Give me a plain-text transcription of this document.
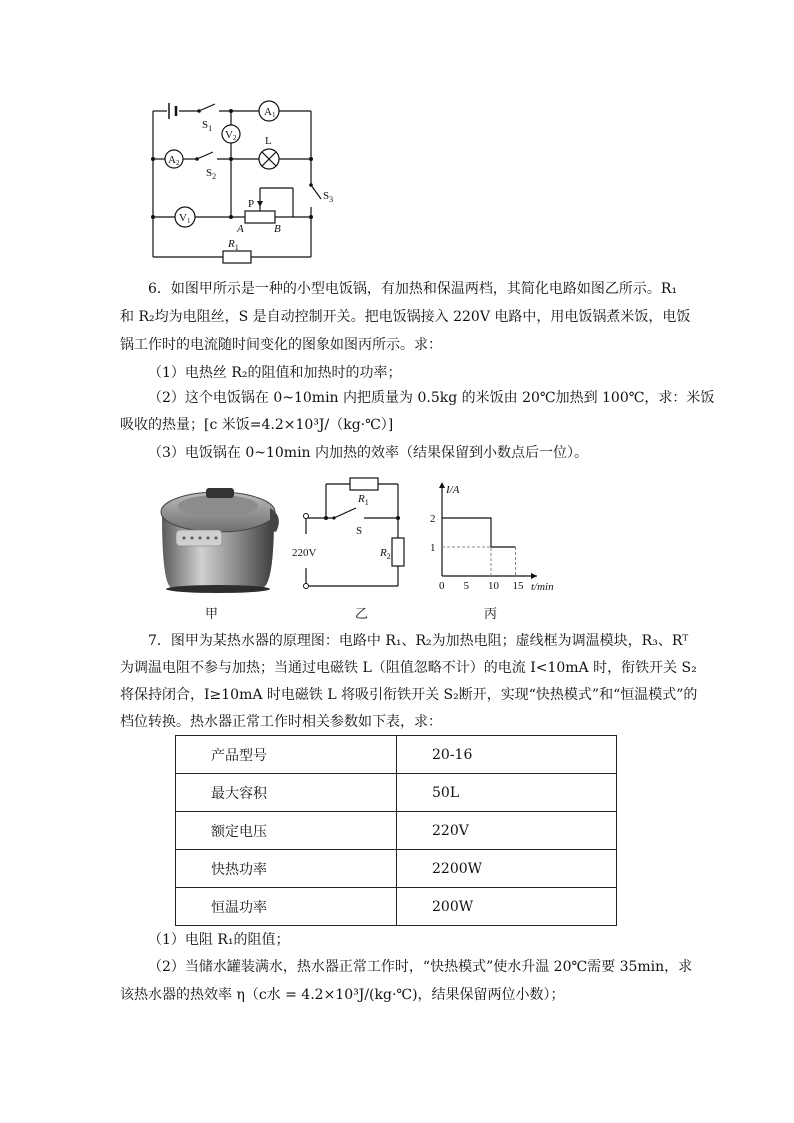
$S_1$
A1
V2	L
A2
$S_2$
$S_3$
V1
P
A	B
$R_1$
6．如图甲所示是一种的小型电饭锅，有加热和保温两档，其简化电路如图乙所示。R₁
和 R₂均为电阻丝，S 是自动控制开关。把电饭锅接入 220V 电路中，用电饭锅煮米饭，电饭
锅工作时的电流随时间变化的图象如图丙所示。求：
（1）电热丝 R₂的阻值和加热时的功率；
（2）这个电饭锅在 0~10min 内把质量为 0.5kg 的米饭由 20℃加热到 100℃，求：米饭
吸收的热量；[c 米饭=4.2×10³J/（kg·℃）]
（3）电饭锅在 0~10min 内加热的效率（结果保留到小数点后一位）。
$R_1$
S
$R_2$
220V
0 5 10 15
1
2
I/A
t/min
甲	乙	丙
7．图甲为某热水器的原理图：电路中 R₁、R₂为加热电阻；虚线框为调温模块，R₃、Rᵀ
为调温电阻不参与加热；当通过电磁铁 L（阻值忽略不计）的电流 I<10mA 时，衔铁开关 S₂
将保持闭合，I≥10mA 时电磁铁 L 将吸引衔铁开关 S₂断开，实现“快热模式”和“恒温模式”的
档位转换。热水器正常工作时相关参数如下表，求：
产品型号	20-16
最大容积	50L
额定电压	220V
快热功率	2200W
恒温功率	200W
（1）电阻 R₁的阻值；
（2）当储水罐装满水，热水器正常工作时，“快热模式”使水升温 20℃需要 35min，求
该热水器的热效率 η（c水 = 4.2×10³J/(kg·℃)，结果保留两位小数）；
